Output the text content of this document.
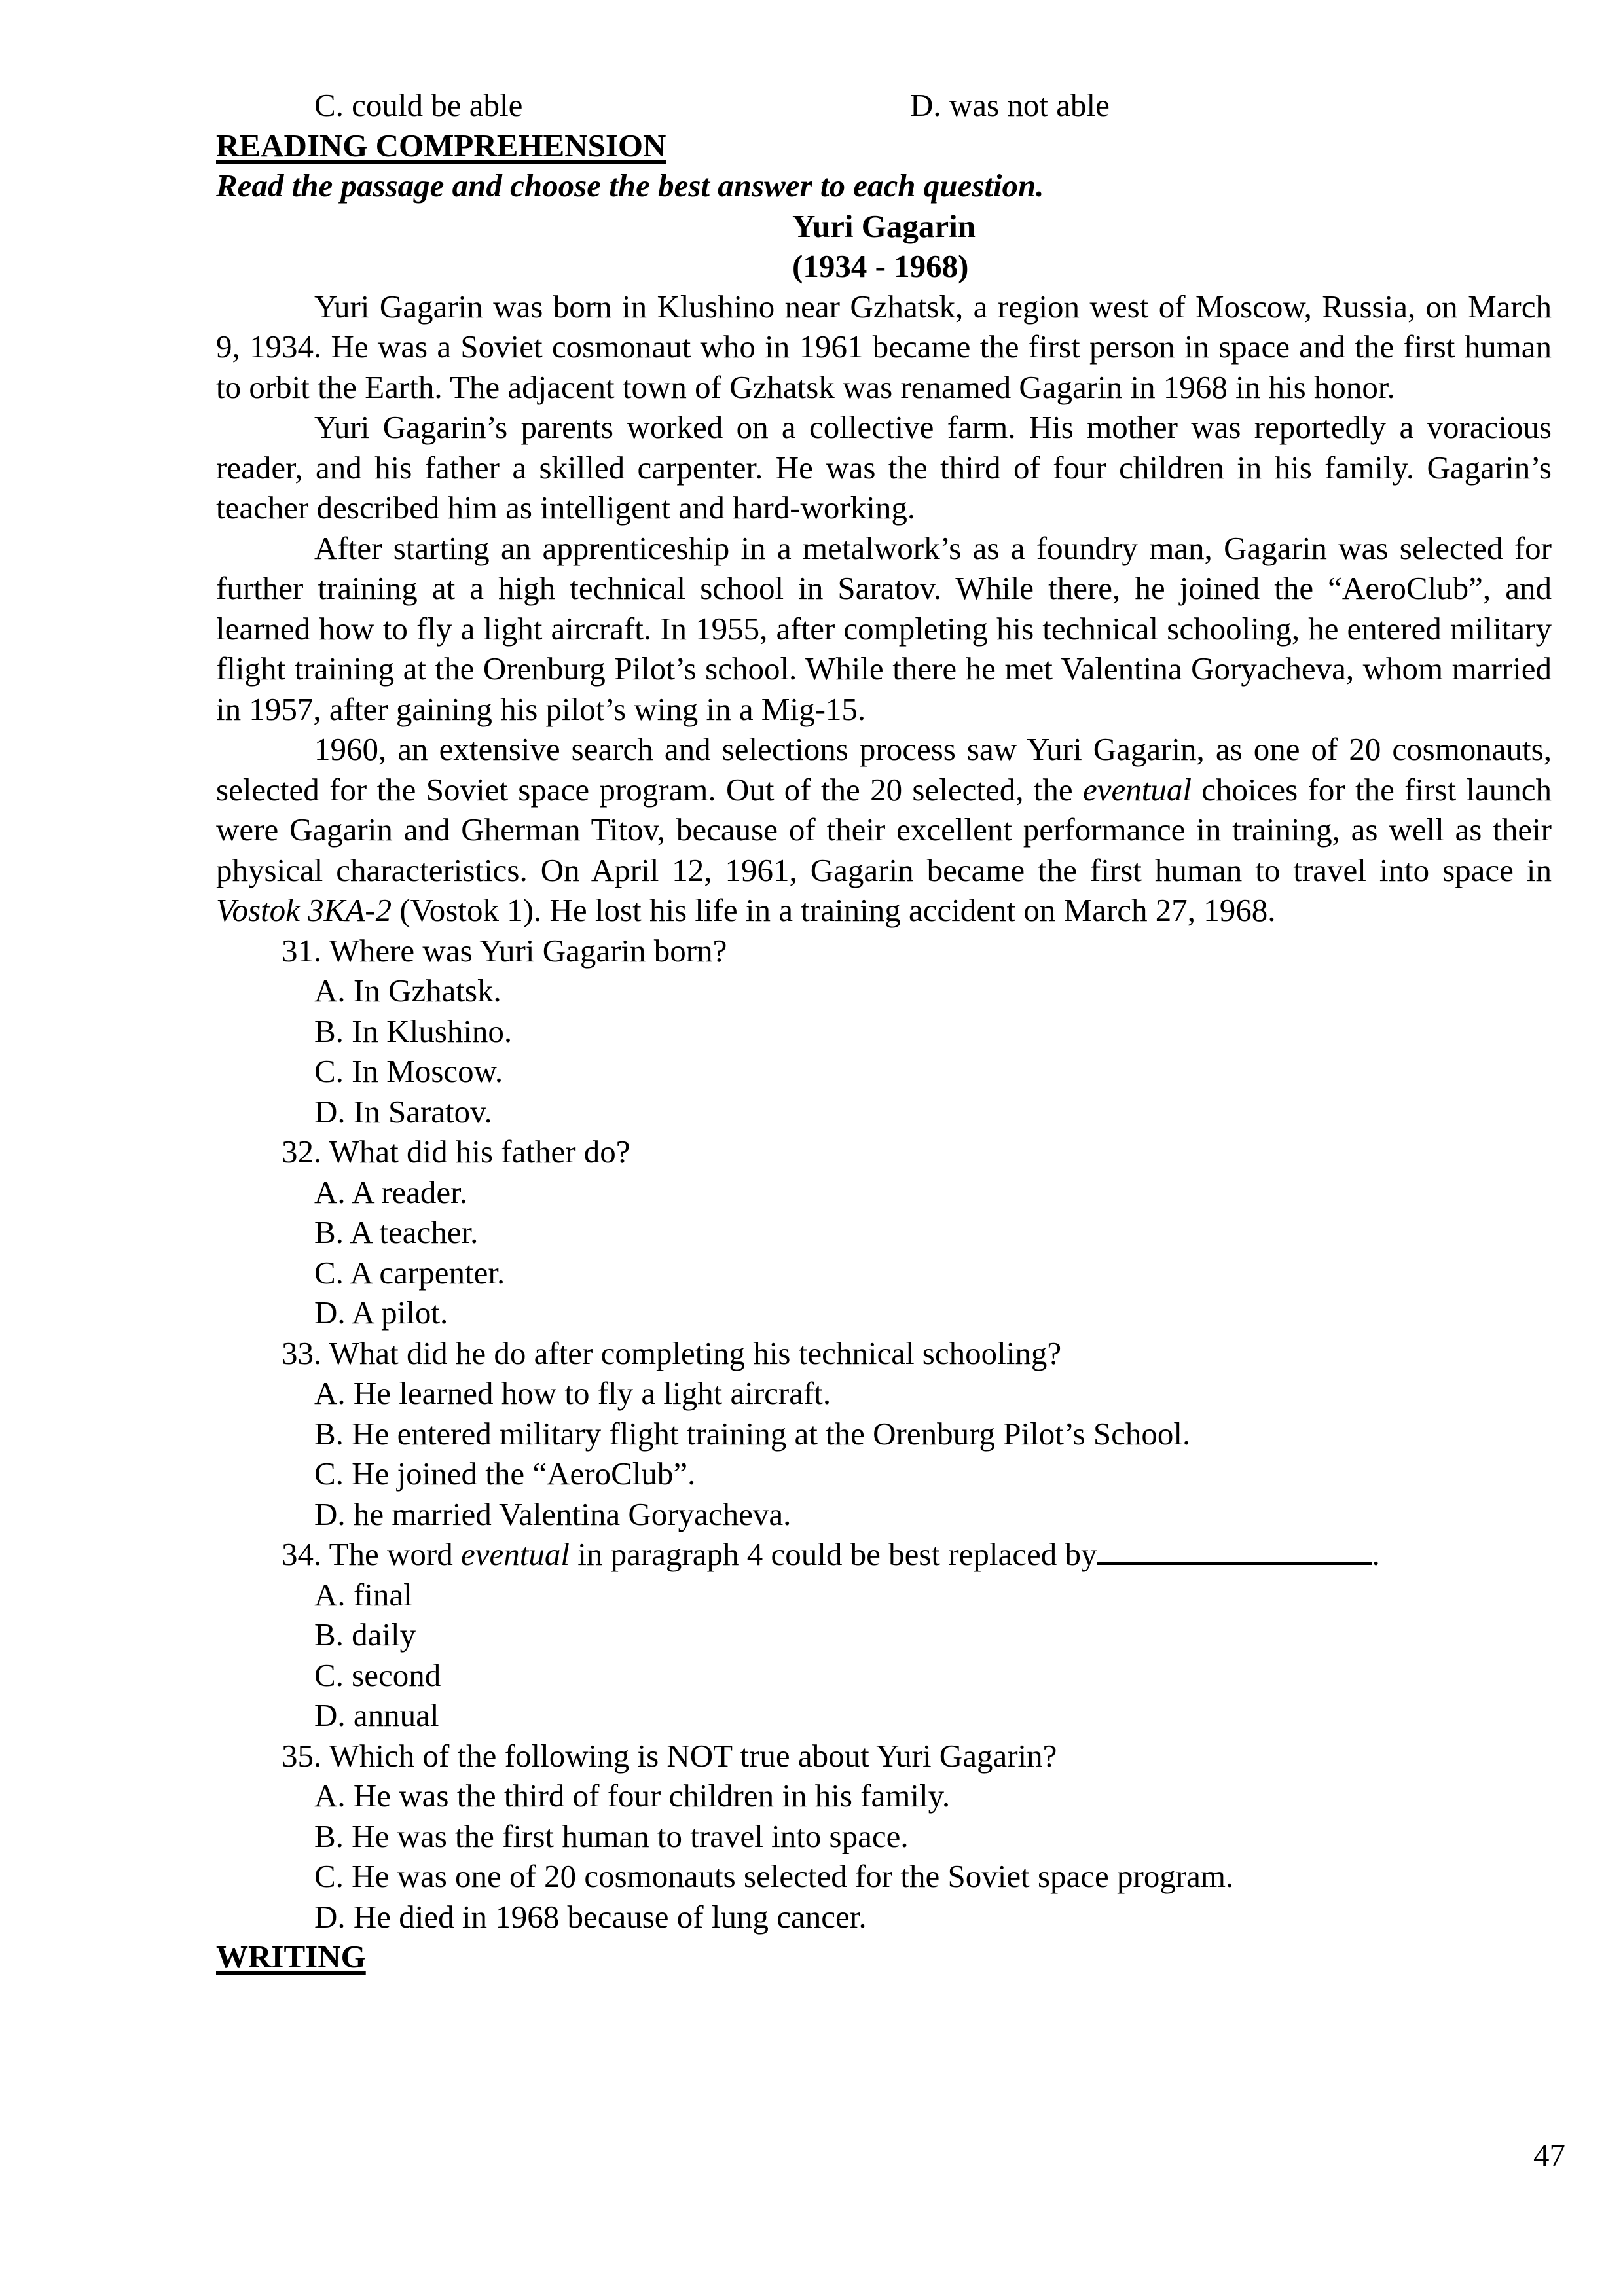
C. could be able	D. was not able
READING COMPREHENSION
Read the passage and choose the best answer to each question.
Yuri Gagarin
(1934 - 1968)

Yuri Gagarin was born in Klushino near Gzhatsk, a region west of Moscow, Russia, on March 9, 1934. He was a Soviet cosmonaut who in 1961 became the first person in space and the first human to orbit the Earth. The adjacent town of Gzhatsk was renamed Gagarin in 1968 in his honor.

Yuri Gagarin’s parents worked on a collective farm. His mother was reportedly a voracious reader, and his father a skilled carpenter. He was the third of four children in his family. Gagarin’s teacher described him as intelligent and hard-working.

After starting an apprenticeship in a metalwork’s as a foundry man, Gagarin was selected for further training at a high technical school in Saratov. While there, he joined the “AeroClub”, and learned how to fly a light aircraft. In 1955, after completing his technical schooling, he entered military flight training at the Orenburg Pilot’s school. While there he met Valentina Goryacheva, whom married in 1957, after gaining his pilot’s wing in a Mig-15.

1960, an extensive search and selections process saw Yuri Gagarin, as one of 20 cosmonauts, selected for the Soviet space program. Out of the 20 selected, the eventual choices for the first launch were Gagarin and Gherman Titov, because of their excellent performance in training, as well as their physical characteristics. On April 12, 1961, Gagarin became the first human to travel into space in Vostok 3KA-2 (Vostok 1). He lost his life in a training accident on March 27, 1968.

31. Where was Yuri Gagarin born?
A. In Gzhatsk.
B. In Klushino.
C. In Moscow.
D. In Saratov.
32. What did his father do?
A. A reader.
B. A teacher.
C. A carpenter.
D. A pilot.
33. What did he do after completing his technical schooling?
A. He learned how to fly a light aircraft.
B. He entered military flight training at the Orenburg Pilot’s School.
C. He joined the “AeroClub”.
D. he married Valentina Goryacheva.
34. The word eventual in paragraph 4 could be best replaced by	.
A. final
B. daily
C. second
D. annual
35. Which of the following is NOT true about Yuri Gagarin?
A. He was the third of four children in his family.
B. He was the first human to travel into space.
C. He was one of 20 cosmonauts selected for the Soviet space program.
D. He died in 1968 because of lung cancer.
WRITING
47
